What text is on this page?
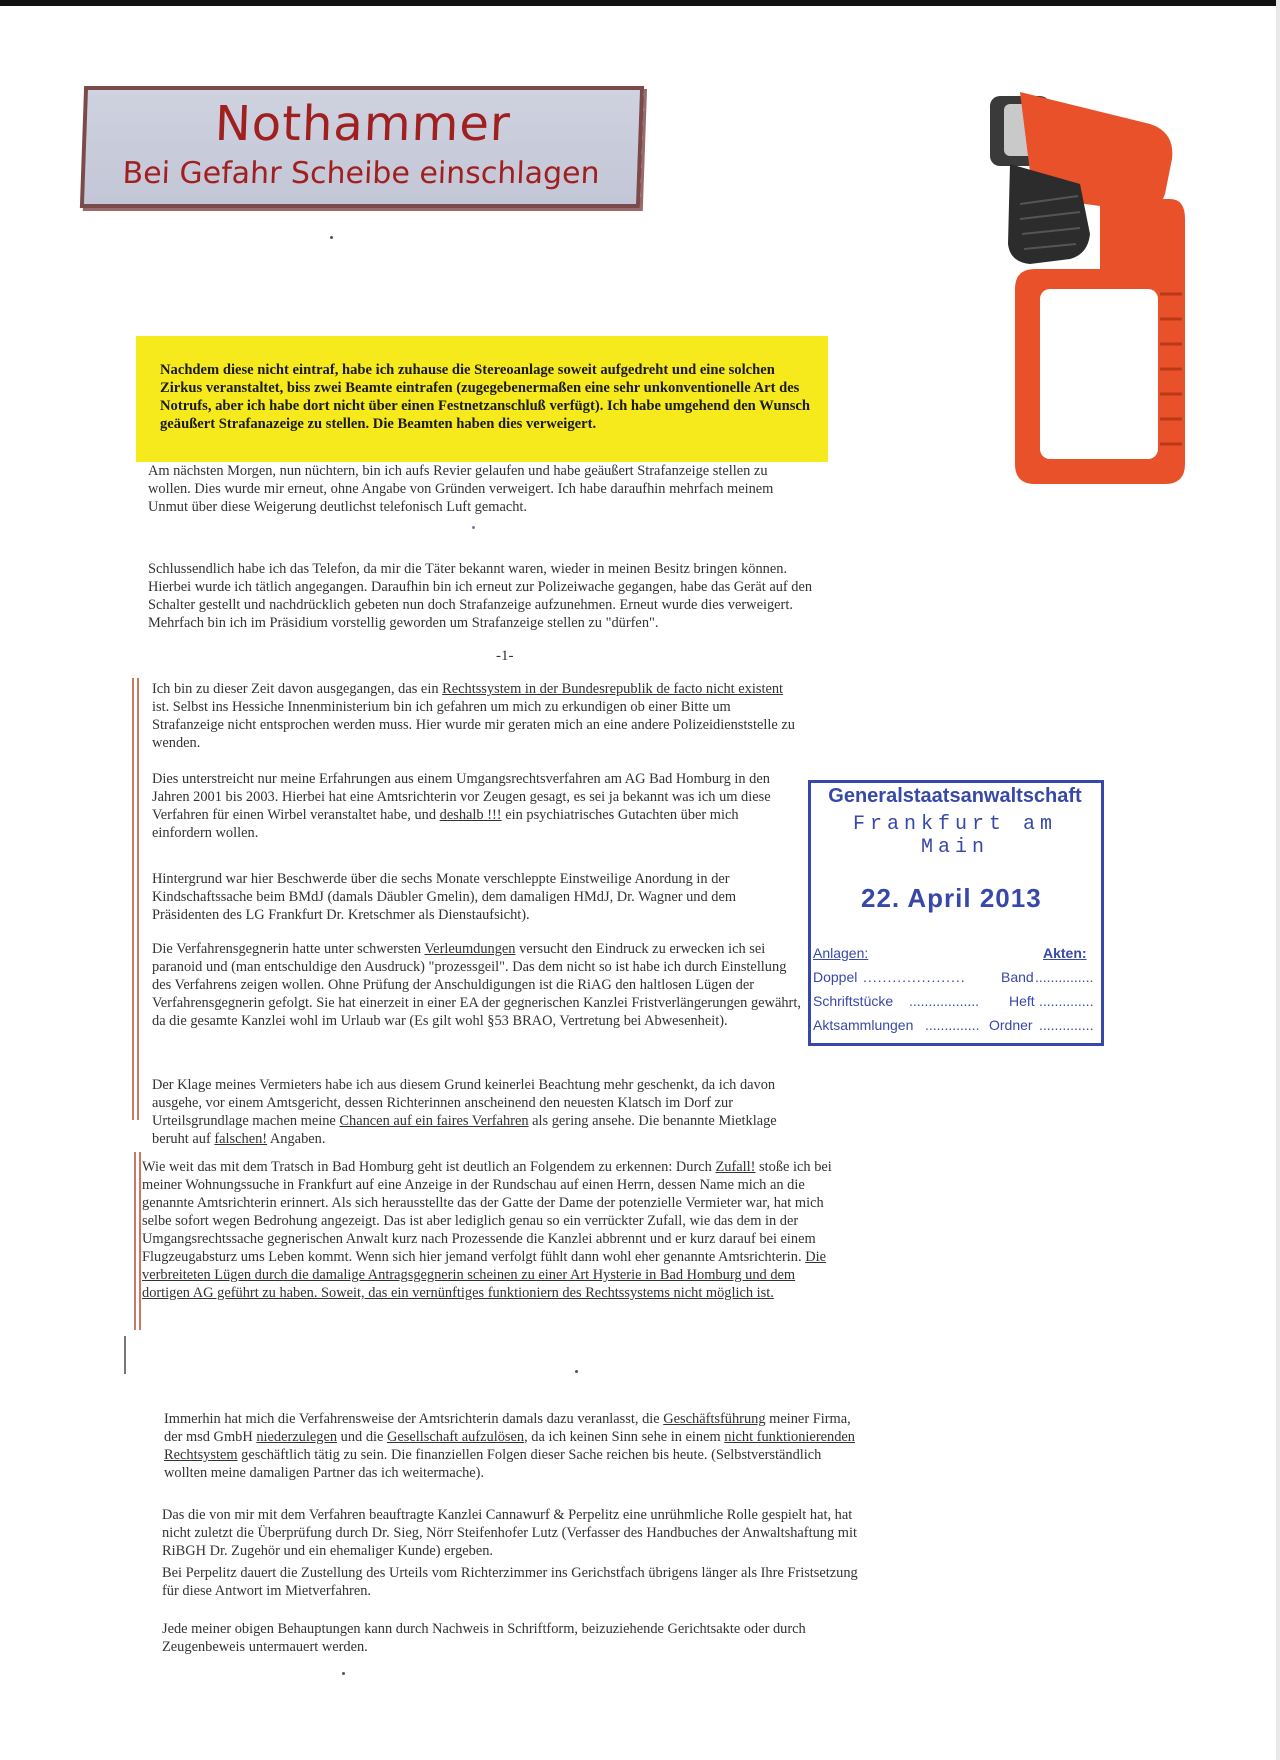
Nothammer
Bei Gefahr Scheibe einschlagen

Nachdem diese nicht eintraf, habe ich zuhause die Stereoanlage soweit aufgedreht und eine solchen Zirkus veranstaltet, biss zwei Beamte eintrafen (zugegebenermaßen eine sehr unkonventionelle Art des Notrufs, aber ich habe dort nicht über einen Festnetzanschluß verfügt). Ich habe umgehend den Wunsch geäußert Strafanazeige zu stellen. Die Beamten haben dies verweigert.

Am nächsten Morgen, nun nüchtern, bin ich aufs Revier gelaufen und habe geäußert Strafanzeige stellen zu wollen. Dies wurde mir erneut, ohne Angabe von Gründen verweigert. Ich habe daraufhin mehrfach meinem Unmut über diese Weigerung deutlichst telefonisch Luft gemacht.

Schlussendlich habe ich das Telefon, da mir die Täter bekannt waren, wieder in meinen Besitz bringen können. Hierbei wurde ich tätlich angegangen. Daraufhin bin ich erneut zur Polizeiwache gegangen, habe das Gerät auf den Schalter gestellt und nachdrücklich gebeten nun doch Strafanzeige aufzunehmen. Erneut wurde dies verweigert. Mehrfach bin ich im Präsidium vorstellig geworden um Strafanzeige stellen zu "dürfen".

-1-

Ich bin zu dieser Zeit davon ausgegangen, das ein Rechtssystem in der Bundesrepublik de facto nicht existent ist. Selbst ins Hessiche Innenministerium bin ich gefahren um mich zu erkundigen ob einer Bitte um Strafanzeige nicht entsprochen werden muss. Hier wurde mir geraten mich an eine andere Polizeidienststelle zu wenden.

Dies unterstreicht nur meine Erfahrungen aus einem Umgangsrechtsverfahren am AG Bad Homburg in den Jahren 2001 bis 2003. Hierbei hat eine Amtsrichterin vor Zeugen gesagt, es sei ja bekannt was ich um diese Verfahren für einen Wirbel veranstaltet habe, und deshalb !!! ein psychiatrisches Gutachten über mich einfordern wollen.

Hintergrund war hier Beschwerde über die sechs Monate verschleppte Einstweilige Anordung in der Kindschaftssache beim BMdJ (damals Däubler Gmelin), dem damaligen HMdJ, Dr. Wagner und dem Präsidenten des LG Frankfurt Dr. Kretschmer als Dienstaufsicht).

Die Verfahrensgegnerin hatte unter schwersten Verleumdungen versucht den Eindruck zu erwecken ich sei paranoid und (man entschuldige den Ausdruck) "prozessgeil". Das dem nicht so ist habe ich durch Einstellung des Verfahrens zeigen wollen. Ohne Prüfung der Anschuldigungen ist die RiAG den haltlosen Lügen der Verfahrensgegnerin gefolgt. Sie hat einerzeit in einer EA der gegnerischen Kanzlei Fristverlängerungen gewährt, da die gesamte Kanzlei wohl im Urlaub war (Es gilt wohl §53 BRAO, Vertretung bei Abwesenheit).

Der Klage meines Vermieters habe ich aus diesem Grund keinerlei Beachtung mehr geschenkt, da ich davon ausgehe, vor einem Amtsgericht, dessen Richterinnen anscheinend den neuesten Klatsch im Dorf zur Urteilsgrundlage machen meine Chancen auf ein faires Verfahren als gering ansehe. Die benannte Mietklage beruht auf falschen! Angaben.

Wie weit das mit dem Tratsch in Bad Homburg geht ist deutlich an Folgendem zu erkennen: Durch Zufall! stoße ich bei meiner Wohnungssuche in Frankfurt auf eine Anzeige in der Rundschau auf einen Herrn, dessen Name mich an die genannte Amtsrichterin erinnert. Als sich herausstellte das der Gatte der Dame der potenzielle Vermieter war, hat mich selbe sofort wegen Bedrohung angezeigt. Das ist aber lediglich genau so ein verrückter Zufall, wie das dem in der Umgangsrechtssache gegnerischen Anwalt kurz nach Prozessende die Kanzlei abbrennt und er kurz darauf bei einem Flugzeugabsturz ums Leben kommt. Wenn sich hier jemand verfolgt fühlt dann wohl eher genannte Amtsrichterin. Die verbreiteten Lügen durch die damalige Antragsgegnerin scheinen zu einer Art Hysterie in Bad Homburg und dem dortigen AG geführt zu haben. Soweit, das ein vernünftiges funktioniern des Rechtssystems nicht möglich ist.

Immerhin hat mich die Verfahrensweise der Amtsrichterin damals dazu veranlasst, die Geschäftsführung meiner Firma, der msd GmbH niederzulegen und die Gesellschaft aufzulösen, da ich keinen Sinn sehe in einem nicht funktionierenden Rechtsystem geschäftlich tätig zu sein. Die finanziellen Folgen dieser Sache reichen bis heute. (Selbstverständlich wollten meine damaligen Partner das ich weitermache).

Das die von mir mit dem Verfahren beauftragte Kanzlei Cannawurf & Perpelitz eine unrühmliche Rolle gespielt hat, hat nicht zuletzt die Überprüfung durch Dr. Sieg, Nörr Steifenhofer Lutz (Verfasser des Handbuches der Anwaltshaftung mit RiBGH Dr. Zugehör und ein ehemaliger Kunde) ergeben.

Bei Perpelitz dauert die Zustellung des Urteils vom Richterzimmer ins Gerichstfach übrigens länger als Ihre Fristsetzung für diese Antwort im Mietverfahren.

Jede meiner obigen Behauptungen kann durch Nachweis in Schriftform, beizuziehende Gerichtsakte oder durch Zeugenbeweis untermauert werden.

Generalstaatsanwaltschaft
Frankfurt am Main
22. April 2013
Anlagen:	Akten:
Doppel .....................	Band ...............
Schriftstücke .................. Heft ..............
Aktsammlungen .............. Ordner ..............
